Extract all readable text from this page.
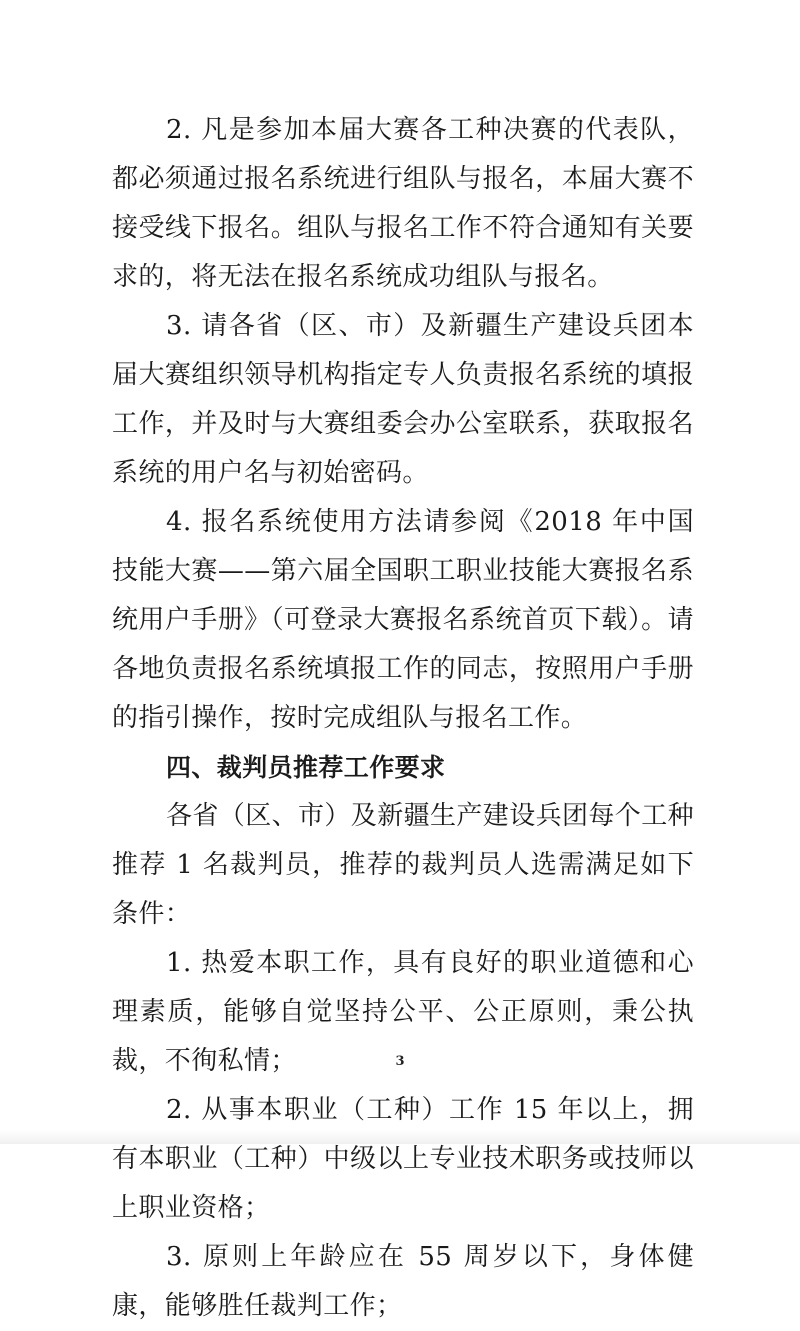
2. 凡是参加本届大赛各工种决赛的代表队，都必须通过报名系统进行组队与报名，本届大赛不接受线下报名。组队与报名工作不符合通知有关要求的，将无法在报名系统成功组队与报名。

3. 请各省（区、市）及新疆生产建设兵团本届大赛组织领导机构指定专人负责报名系统的填报工作，并及时与大赛组委会办公室联系，获取报名系统的用户名与初始密码。

4. 报名系统使用方法请参阅《2018 年中国技能大赛——第六届全国职工职业技能大赛报名系统用户手册》（可登录大赛报名系统首页下载）。请各地负责报名系统填报工作的同志，按照用户手册的指引操作，按时完成组队与报名工作。

四、裁判员推荐工作要求

各省（区、市）及新疆生产建设兵团每个工种推荐 1 名裁判员，推荐的裁判员人选需满足如下条件：

1. 热爱本职工作，具有良好的职业道德和心理素质，能够自觉坚持公平、公正原则，秉公执裁，不徇私情；

2. 从事本职业（工种）工作 15 年以上，拥有本职业（工种）中级以上专业技术职务或技师以上职业资格；

3. 原则上年龄应在 55 周岁以下，身体健康，能够胜任裁判工作；

3
